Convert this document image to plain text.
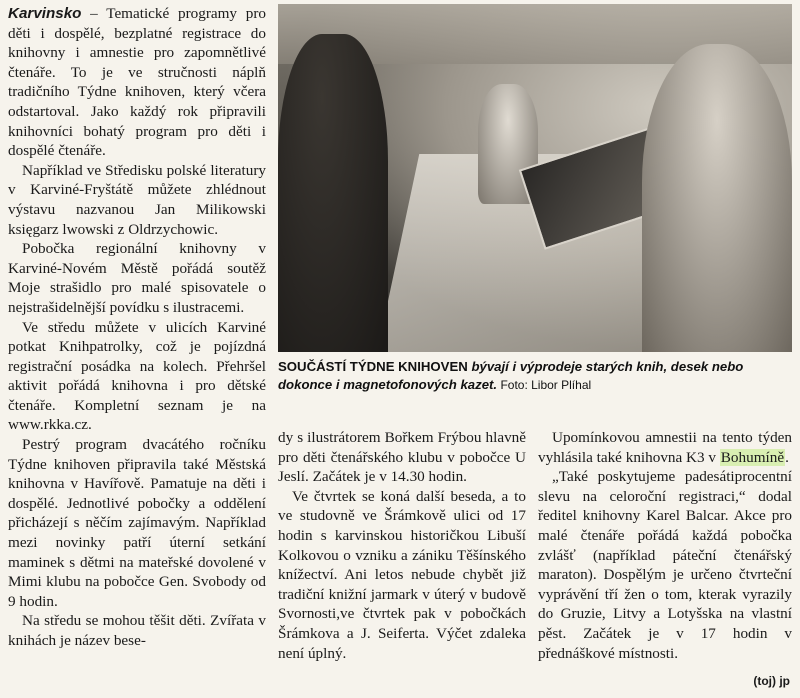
Karvinsko – Tematické programy pro děti i dospělé, bezplatné registrace do knihovny i amnestie pro zapomnětlivé čtenáře. To je ve stručnosti náplň tradičního Týdne knihoven, který včera odstartoval. Jako každý rok připravili knihovníci bohatý program pro děti i dospělé čtenáře.

Například ve Středisku polské literatury v Karviné-Fryštátě můžete zhlédnout výstavu nazvanou Jan Milikowski księgarz lwowski z Oldrzychowic.

Pobočka regionální knihovny v Karviné-Novém Městě pořádá soutěž Moje strašidlo pro malé spisovatele o nejstrašidelnější povídku s ilustracemi.

Ve středu můžete v ulicích Karviné potkat Knihpatrolky, což je pojízdná registrační posádka na kolech. Přehršel aktivit pořádá knihovna i pro dětské čtenáře. Kompletní seznam je na www.rkka.cz.

Pestrý program dvacátého ročníku Týdne knihoven připravila také Městská knihovna v Havířově. Pamatuje na děti i dospělé. Jednotlivé pobočky a oddělení přicházejí s něčím zajímavým. Například mezi novinky patří úterní setkání maminek s dětmi na mateřské dovolené v Mimi klubu na pobočce Gen. Svobody od 9 hodin.

Na středu se mohou těšit děti. Zvířata v knihách je název bese-

SOUČÁSTÍ TÝDNE KNIHOVEN bývají i výprodeje starých knih, desek nebo dokonce i magnetofonových kazet. Foto: Libor Plíhal

dy s ilustrátorem Bořkem Frýbou hlavně pro děti čtenářského klubu v pobočce U Jeslí. Začátek je v 14.30 hodin.

Ve čtvrtek se koná další beseda, a to ve studovně ve Šrámkově ulici od 17 hodin s karvinskou historičkou Libuší Kolkovou o vzniku a zániku Těšínského knížectví. Ani letos nebude chybět již tradiční knižní jarmark v úterý v budově Svornosti,ve čtvrtek pak v pobočkách Šrámkova a J. Seiferta. Výčet zdaleka není úplný.

Upomínkovou amnestii na tento týden vyhlásila také knihovna K3 v Bohumíně.

„Také poskytujeme padesátiprocentní slevu na celoroční registraci,“ dodal ředitel knihovny Karel Balcar. Akce pro malé čtenáře pořádá každá pobočka zvlášť (například páteční čtenářský maraton). Dospělým je určeno čtvrteční vyprávění tří žen o tom, kterak vyrazily do Gruzie, Litvy a Lotyšska na vlastní pěst. Začátek je v 17 hodin v přednáškové místnosti.

(toj) jp
